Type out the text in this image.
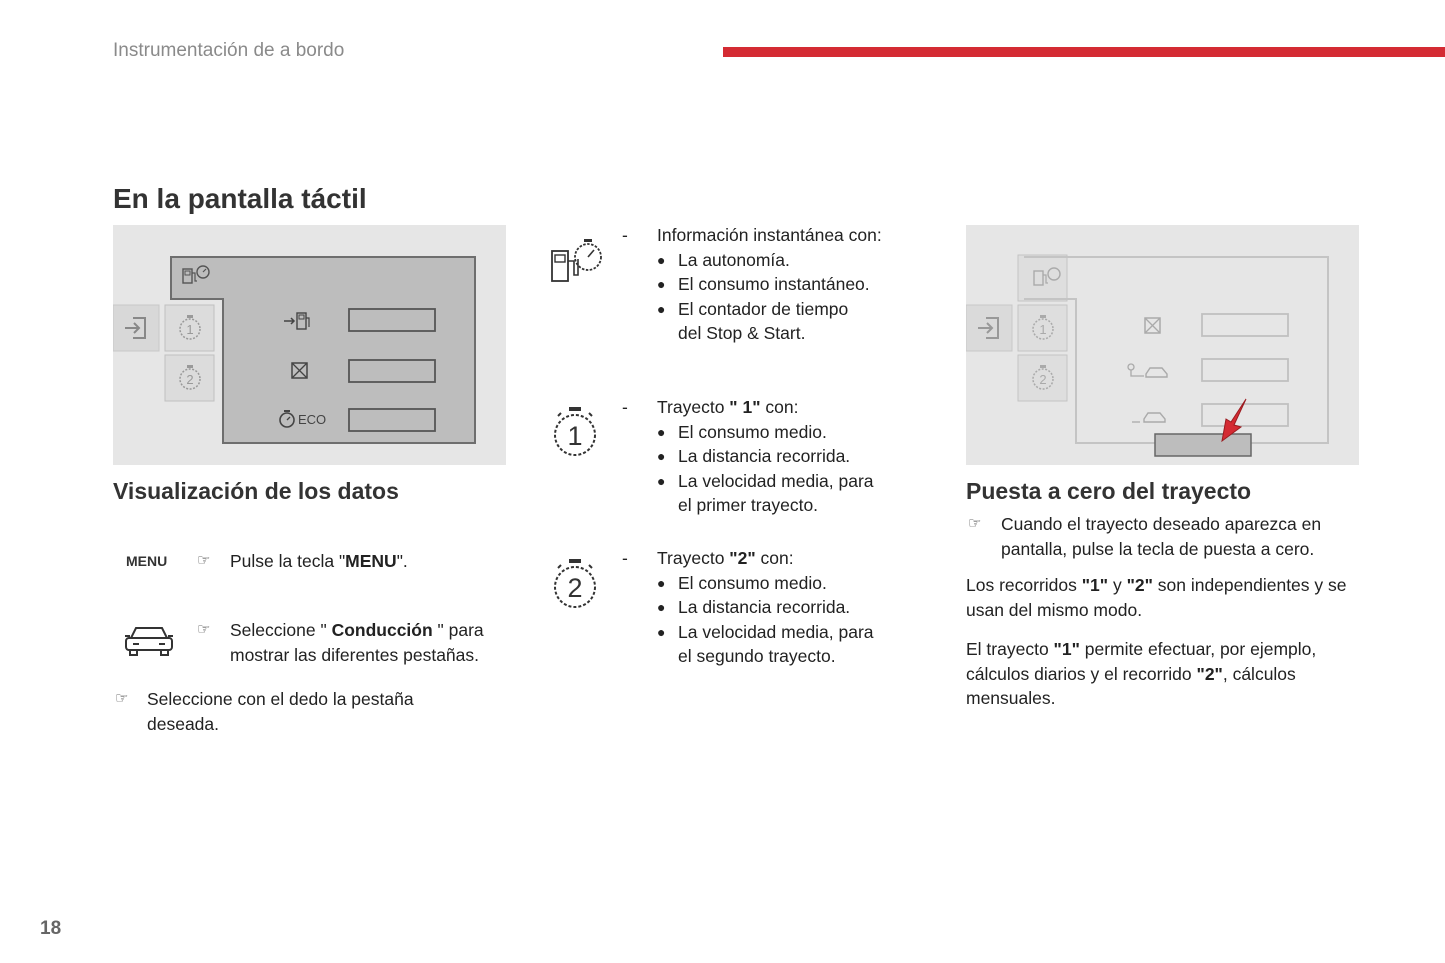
Instrumentación de a bordo
En la pantalla táctil
1
2
ECO
Visualización de los datos
MENU ☞ Pulse la tecla "MENU".
☞ Seleccione " Conducción " para mostrar las diferentes pestañas.
☞ Seleccione con el dedo la pestaña deseada.
- Información instantánea con:
● La autonomía.
● El consumo instantáneo.
● El contador de tiempo del Stop & Start.
1
- Trayecto " 1" con:
● El consumo medio.
● La distancia recorrida.
● La velocidad media, para el primer trayecto.
2
- Trayecto "2" con:
● El consumo medio.
● La distancia recorrida.
● La velocidad media, para el segundo trayecto.
1
2
Puesta a cero del trayecto
☞ Cuando el trayecto deseado aparezca en pantalla, pulse la tecla de puesta a cero.
Los recorridos "1" y "2" son independientes y se usan del mismo modo.
El trayecto "1" permite efectuar, por ejemplo, cálculos diarios y el recorrido "2", cálculos mensuales.
18
